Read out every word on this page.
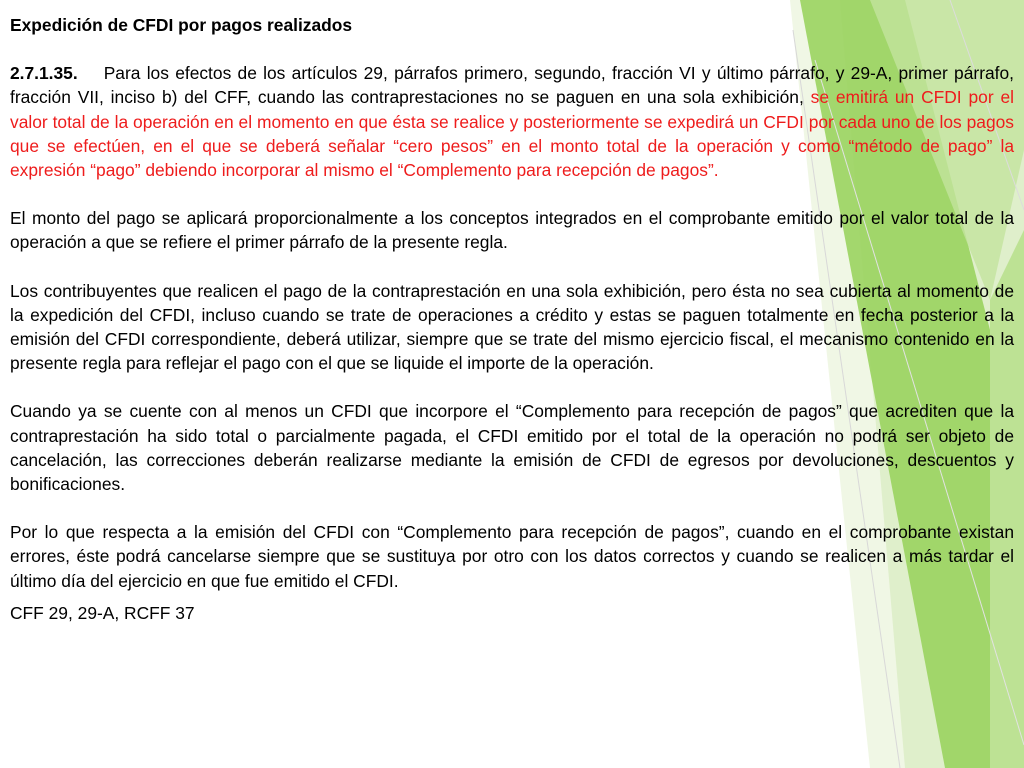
Expedición de CFDI por pagos realizados

2.7.1.35. Para los efectos de los artículos 29, párrafos primero, segundo, fracción VI y último párrafo, y 29-A, primer párrafo, fracción VII, inciso b) del CFF, cuando las contraprestaciones no se paguen en una sola exhibición, se emitirá un CFDI por el valor total de la operación en el momento en que ésta se realice y posteriormente se expedirá un CFDI por cada uno de los pagos que se efectúen, en el que se deberá señalar “cero pesos” en el monto total de la operación y como “método de pago” la expresión “pago” debiendo incorporar al mismo el “Complemento para recepción de pagos”.

El monto del pago se aplicará proporcionalmente a los conceptos integrados en el comprobante emitido por el valor total de la operación a que se refiere el primer párrafo de la presente regla.

Los contribuyentes que realicen el pago de la contraprestación en una sola exhibición, pero ésta no sea cubierta al momento de la expedición del CFDI, incluso cuando se trate de operaciones a crédito y estas se paguen totalmente en fecha posterior a la emisión del CFDI correspondiente, deberá utilizar, siempre que se trate del mismo ejercicio fiscal, el mecanismo contenido en la presente regla para reflejar el pago con el que se liquide el importe de la operación.

Cuando ya se cuente con al menos un CFDI que incorpore el “Complemento para recepción de pagos” que acrediten que la contraprestación ha sido total o parcialmente pagada, el CFDI emitido por el total de la operación no podrá ser objeto de cancelación, las correcciones deberán realizarse mediante la emisión de CFDI de egresos por devoluciones, descuentos y bonificaciones.

Por lo que respecta a la emisión del CFDI con “Complemento para recepción de pagos”, cuando en el comprobante existan errores, éste podrá cancelarse siempre que se sustituya por otro con los datos correctos y cuando se realicen a más tardar el último día del ejercicio en que fue emitido el CFDI.

CFF 29, 29-A, RCFF 37
